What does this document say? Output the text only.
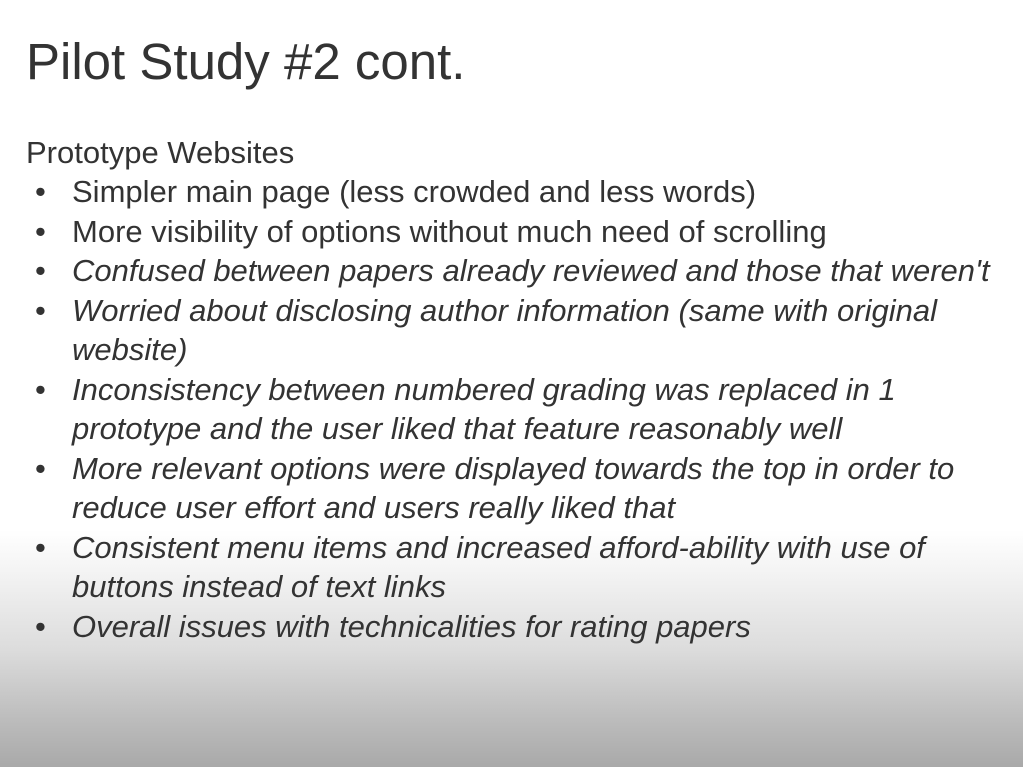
Pilot Study #2 cont.

Prototype Websites

• Simpler main page (less crowded and less words)
• More visibility of options without much need of scrolling
• Confused between papers already reviewed and those that weren't
• Worried about disclosing author information (same with original website)
• Inconsistency between numbered grading was replaced in 1 prototype and the user liked that feature reasonably well
• More relevant options were displayed towards the top in order to reduce user effort and users really liked that
• Consistent menu items and increased afford-ability with use of buttons instead of text links
• Overall issues with technicalities for rating papers
